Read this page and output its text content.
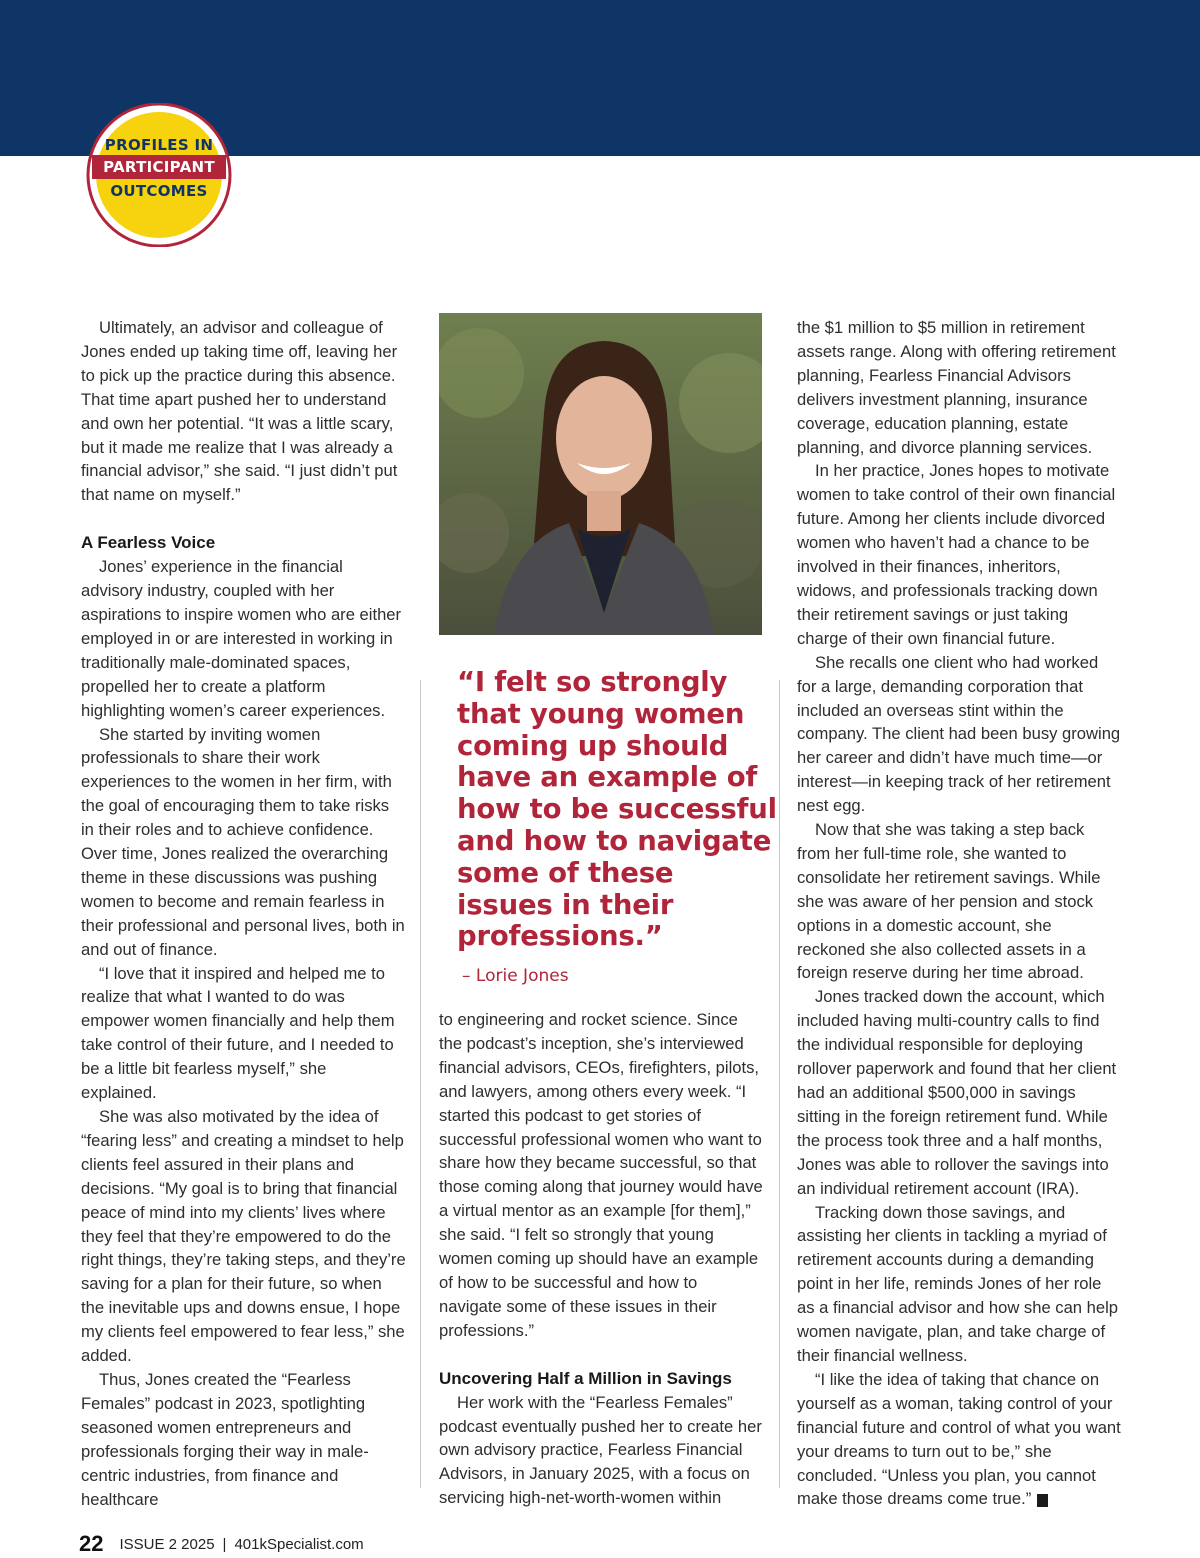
PROFILES IN
PARTICIPANT
OUTCOMES

Ultimately, an advisor and colleague of Jones ended up taking time off, leaving her to pick up the practice during this absence. That time apart pushed her to understand and own her potential. “It was a little scary, but it made me realize that I was already a financial advisor,” she said. “I just didn’t put that name on myself.”

A Fearless Voice

Jones’ experience in the financial advisory industry, coupled with her aspirations to inspire women who are either employed in or are interested in working in traditionally male-dominated spaces, propelled her to create a platform highlighting women’s career experiences.

She started by inviting women professionals to share their work experiences to the women in her firm, with the goal of encouraging them to take risks in their roles and to achieve confidence. Over time, Jones realized the overarching theme in these discussions was pushing women to become and remain fearless in their professional and personal lives, both in and out of finance.

“I love that it inspired and helped me to realize that what I wanted to do was empower women financially and help them take control of their future, and I needed to be a little bit fearless myself,” she explained.

She was also motivated by the idea of “fearing less” and creating a mindset to help clients feel assured in their plans and decisions. “My goal is to bring that financial peace of mind into my clients’ lives where they feel that they’re empowered to do the right things, they’re taking steps, and they’re saving for a plan for their future, so when the inevitable ups and downs ensue, I hope my clients feel empowered to fear less,” she added.

Thus, Jones created the “Fearless Females” podcast in 2023, spotlighting seasoned women entrepreneurs and professionals forging their way in male-centric industries, from finance and healthcare

“I felt so strongly that young women coming up should have an example of how to be successful and how to navigate some of these issues in their professions.”
– Lorie Jones

to engineering and rocket science. Since the podcast’s inception, she’s interviewed financial advisors, CEOs, firefighters, pilots, and lawyers, among others every week. “I started this podcast to get stories of successful professional women who want to share how they became successful, so that those coming along that journey would have a virtual mentor as an example [for them],” she said. “I felt so strongly that young women coming up should have an example of how to be successful and how to navigate some of these issues in their professions.”

Uncovering Half a Million in Savings

Her work with the “Fearless Females” podcast eventually pushed her to create her own advisory practice, Fearless Financial Advisors, in January 2025, with a focus on servicing high-net-worth-women within

the $1 million to $5 million in retirement assets range. Along with offering retirement planning, Fearless Financial Advisors delivers investment planning, insurance coverage, education planning, estate planning, and divorce planning services.

In her practice, Jones hopes to motivate women to take control of their own financial future. Among her clients include divorced women who haven’t had a chance to be involved in their finances, inheritors, widows, and professionals tracking down their retirement savings or just taking charge of their own financial future.

She recalls one client who had worked for a large, demanding corporation that included an overseas stint within the company. The client had been busy growing her career and didn’t have much time—or interest—in keeping track of her retirement nest egg.

Now that she was taking a step back from her full-time role, she wanted to consolidate her retirement savings. While she was aware of her pension and stock options in a domestic account, she reckoned she also collected assets in a foreign reserve during her time abroad.

Jones tracked down the account, which included having multi-country calls to find the individual responsible for deploying rollover paperwork and found that her client had an additional $500,000 in savings sitting in the foreign retirement fund. While the process took three and a half months, Jones was able to rollover the savings into an individual retirement account (IRA).

Tracking down those savings, and assisting her clients in tackling a myriad of retirement accounts during a demanding point in her life, reminds Jones of her role as a financial advisor and how she can help women navigate, plan, and take charge of their financial wellness.

“I like the idea of taking that chance on yourself as a woman, taking control of your financial future and control of what you want your dreams to turn out to be,” she concluded. “Unless you plan, you cannot make those dreams come true.” K

22 ISSUE 2 2025 | 401kSpecialist.com
